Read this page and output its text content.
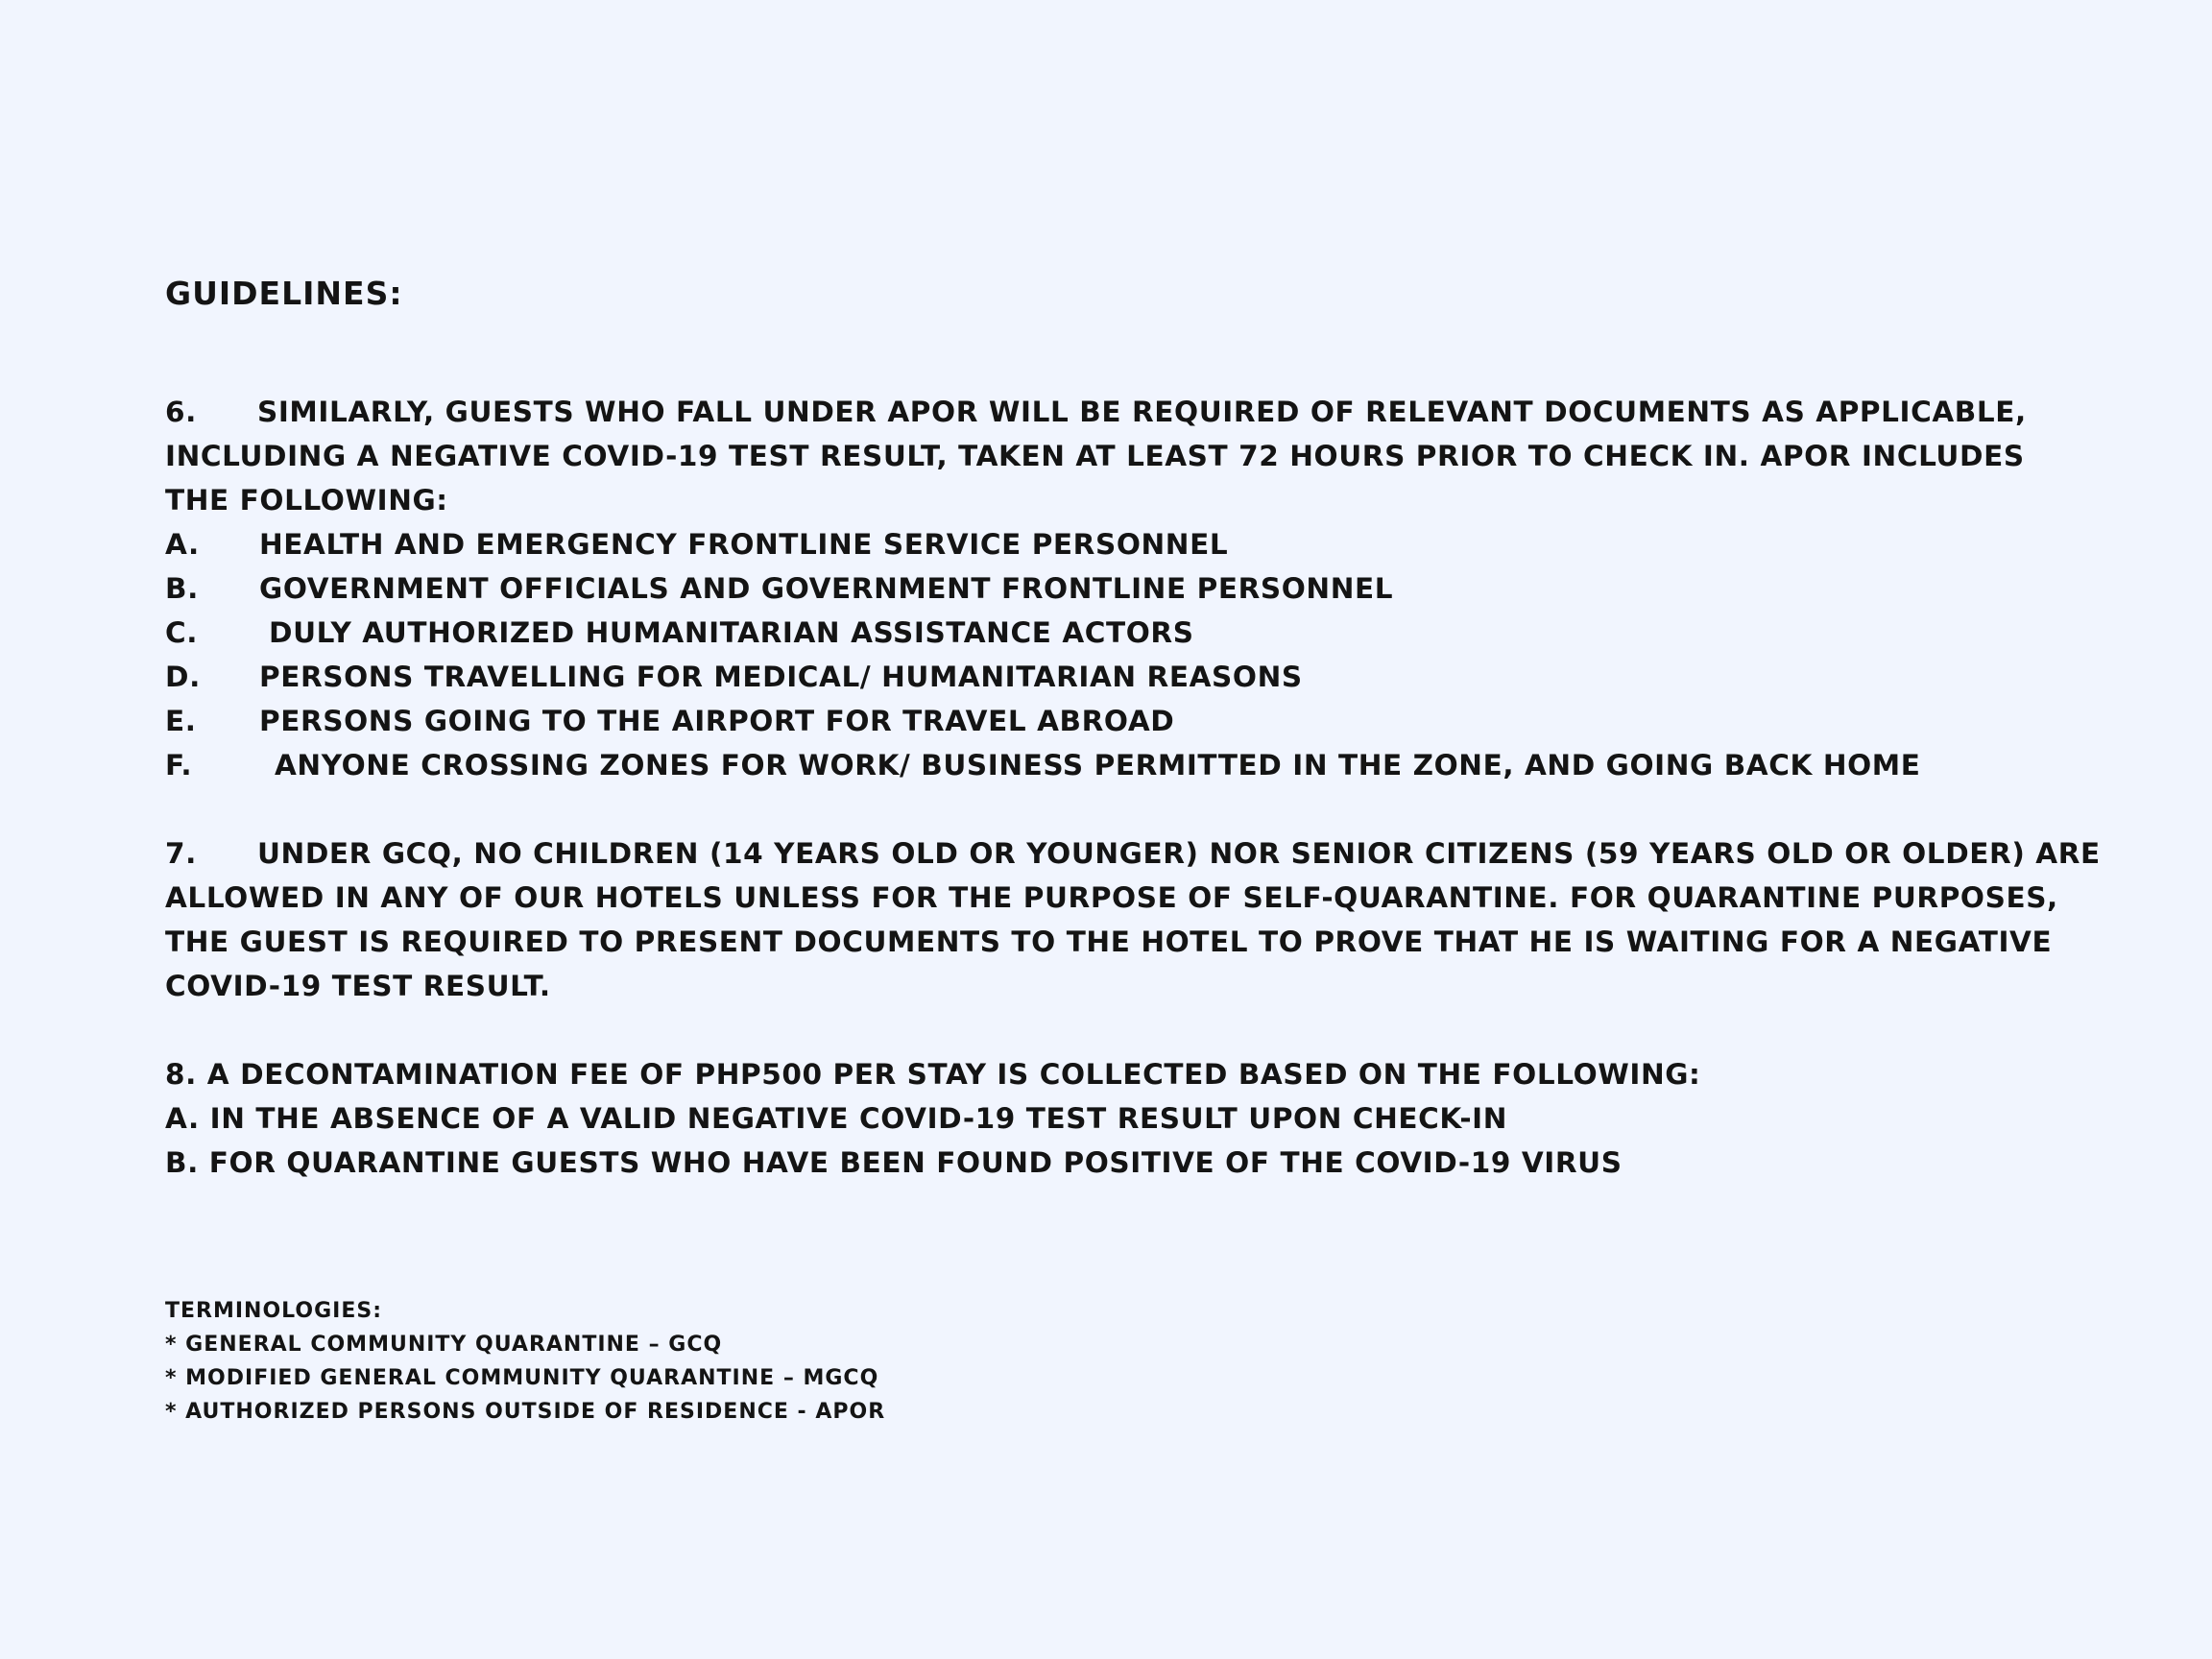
GUIDELINES:
6. SIMILARLY, GUESTS WHO FALL UNDER APOR WILL BE REQUIRED OF RELEVANT DOCUMENTS AS APPLICABLE,
INCLUDING A NEGATIVE COVID-19 TEST RESULT, TAKEN AT LEAST 72 HOURS PRIOR TO CHECK IN. APOR INCLUDES
THE FOLLOWING:
A. HEALTH AND EMERGENCY FRONTLINE SERVICE PERSONNEL
B. GOVERNMENT OFFICIALS AND GOVERNMENT FRONTLINE PERSONNEL
C.	DULY AUTHORIZED HUMANITARIAN ASSISTANCE ACTORS
D. PERSONS TRAVELLING FOR MEDICAL/ HUMANITARIAN REASONS
E. PERSONS GOING TO THE AIRPORT FOR TRAVEL ABROAD
F.	ANYONE CROSSING ZONES FOR WORK/ BUSINESS PERMITTED IN THE ZONE, AND GOING BACK HOME
7. UNDER GCQ, NO CHILDREN (14 YEARS OLD OR YOUNGER) NOR SENIOR CITIZENS (59 YEARS OLD OR OLDER) ARE
ALLOWED IN ANY OF OUR HOTELS UNLESS FOR THE PURPOSE OF SELF-QUARANTINE. FOR QUARANTINE PURPOSES,
THE GUEST IS REQUIRED TO PRESENT DOCUMENTS TO THE HOTEL TO PROVE THAT HE IS WAITING FOR A NEGATIVE
COVID-19 TEST RESULT.
8. A DECONTAMINATION FEE OF PHP500 PER STAY IS COLLECTED BASED ON THE FOLLOWING:
A. IN THE ABSENCE OF A VALID NEGATIVE COVID-19 TEST RESULT UPON CHECK-IN
B. FOR QUARANTINE GUESTS WHO HAVE BEEN FOUND POSITIVE OF THE COVID-19 VIRUS
TERMINOLOGIES:
* GENERAL COMMUNITY QUARANTINE – GCQ
* MODIFIED GENERAL COMMUNITY QUARANTINE – MGCQ
* AUTHORIZED PERSONS OUTSIDE OF RESIDENCE - APOR
